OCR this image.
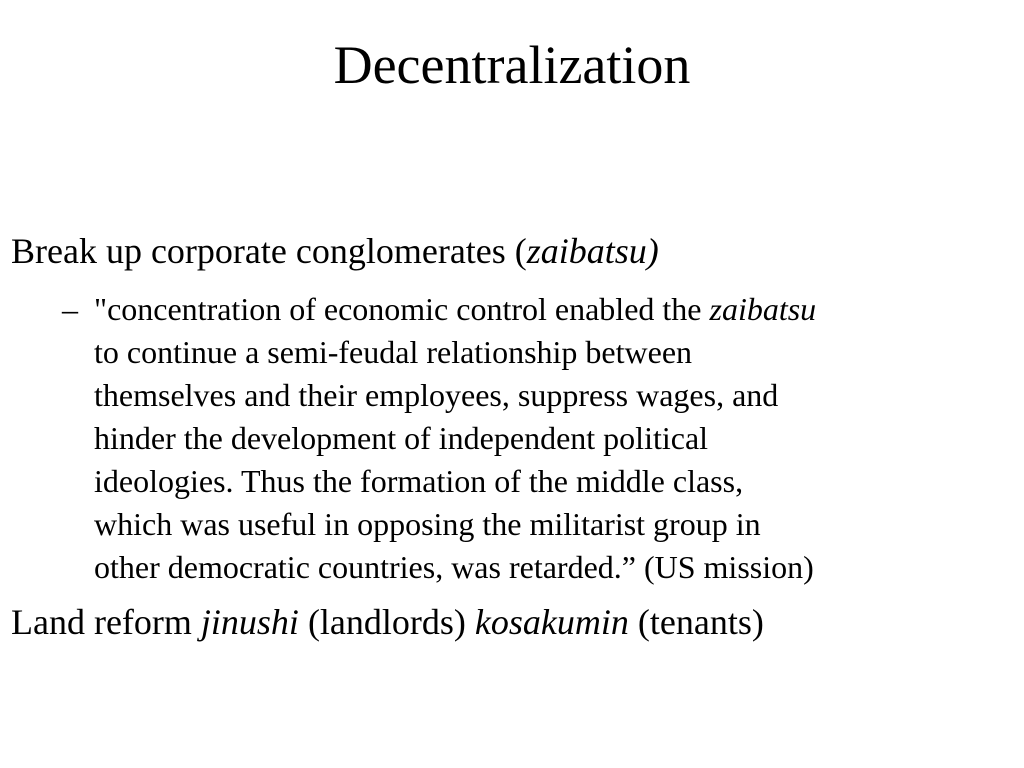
Decentralization
Break up corporate conglomerates (zaibatsu)
– "concentration of economic control enabled the zaibatsu
to continue a semi-feudal relationship between
themselves and their employees, suppress wages, and
hinder the development of independent political
ideologies. Thus the formation of the middle class,
which was useful in opposing the militarist group in
other democratic countries, was retarded.” (US mission)
Land reform jinushi (landlords) kosakumin (tenants)
